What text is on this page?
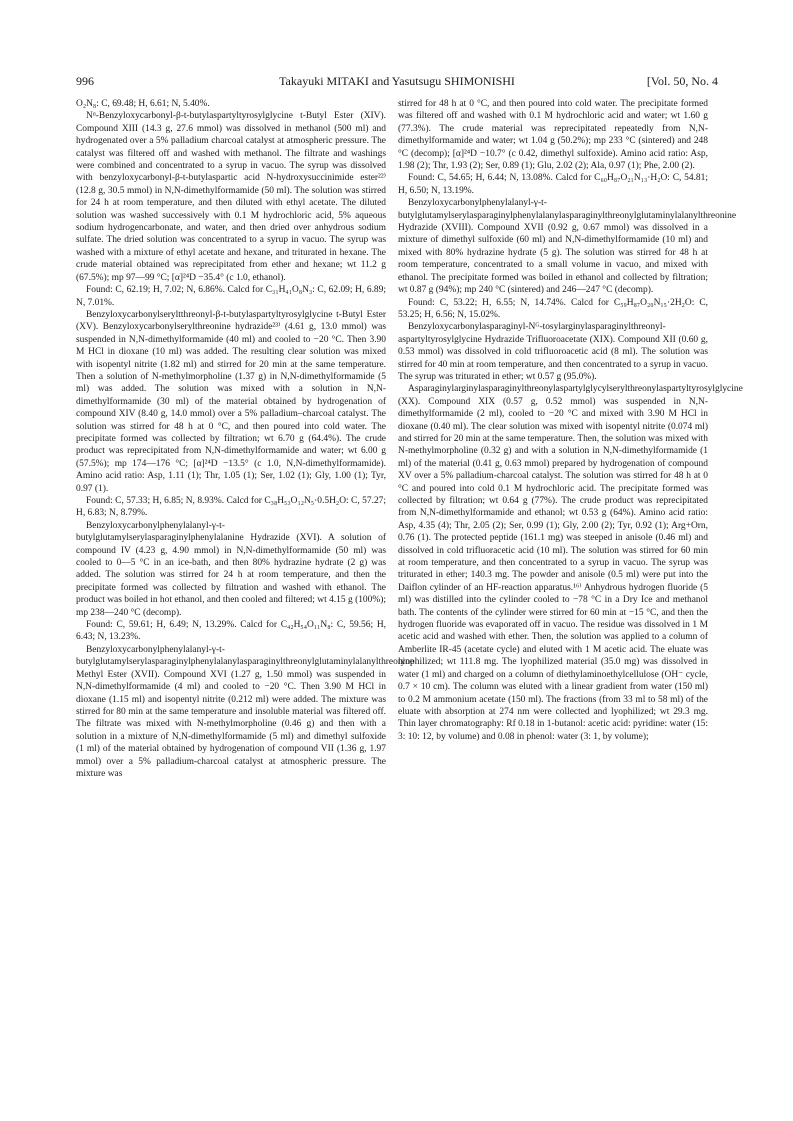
996	Takayuki MITAKI and Yasutsugu SHIMONISHI	[Vol. 50, No. 4

O₂N₈: C, 69.48; H, 6.61; N, 5.40%.

Nᵅ-Benzyloxycarbonyl-β-t-butylaspartyltyrosylglycine t-Butyl Ester (XIV). Compound XIII (14.3 g, 27.6 mmol) was dissolved in methanol (500 ml) and hydrogenated over a 5% palladium charcoal catalyst at atmospheric pressure. The catalyst was filtered off and washed with methanol. The filtrate and washings were combined and concentrated to a syrup in vacuo. The syrup was dissolved with benzyloxycarbonyl-β-t-butylaspartic acid N-hydroxysuccinimide ester²²⁾ (12.8 g, 30.5 mmol) in N,N-dimethylformamide (50 ml). The solution was stirred for 24 h at room temperature, and then diluted with ethyl acetate. The diluted solution was washed successively with 0.1 M hydrochloric acid, 5% aqueous sodium hydrogencarbonate, and water, and then dried over anhydrous sodium sulfate. The dried solution was concentrated to a syrup in vacuo. The syrup was washed with a mixture of ethyl acetate and hexane, and triturated in hexane. The crude material obtained was reprecipitated from ether and hexane; wt 11.2 g (67.5%); mp 97—99 °C; [α]²⁴D −35.4° (c 1.0, ethanol).

Found: C, 62.19; H, 7.02; N, 6.86%. Calcd for C₃₁H₄₁O₈N₃: C, 62.09; H, 6.89; N, 7.01%.

Benzyloxycarbonylseryltthreonyl-β-t-butylaspartyltyrosylglycine t-Butyl Ester (XV). Benzyloxycarbonylserylthreonine hydrazide²³⁾ (4.61 g, 13.0 mmol) was suspended in N,N-dimethylformamide (40 ml) and cooled to −20 °C. Then 3.90 M HCl in dioxane (10 ml) was added. The resulting clear solution was mixed with isopentyl nitrite (1.82 ml) and stirred for 20 min at the same temperature. Then a solution of N-methylmorpholine (1.37 g) in N,N-dimethylformamide (5 ml) was added. The solution was mixed with a solution in N,N-dimethylformamide (30 ml) of the material obtained by hydrogenation of compound XIV (8.40 g, 14.0 mmol) over a 5% palladium–charcoal catalyst. The solution was stirred for 48 h at 0 °C, and then poured into cold water. The precipitate formed was collected by filtration; wt 6.70 g (64.4%). The crude product was reprecipitated from N,N-dimethylformamide and water; wt 6.00 g (57.5%); mp 174—176 °C; [α]²⁴D −13.5° (c 1.0, N,N-dimethylformamide). Amino acid ratio: Asp, 1.11 (1); Thr, 1.05 (1); Ser, 1.02 (1); Gly, 1.00 (1); Tyr, 0.97 (1).

Found: C, 57.33; H, 6.85; N, 8.93%. Calcd for C₃₈H₅₃O₁₂N₅·0.5H₂O: C, 57.27; H, 6.83; N, 8.79%.

Benzyloxycarbonylphenylalanyl-γ-t-butylglutamylserylasparaginylphenylalanine Hydrazide (XVI). A solution of compound IV (4.23 g, 4.90 mmol) in N,N-dimethylformamide (50 ml) was cooled to 0—5 °C in an ice-bath, and then 80% hydrazine hydrate (2 g) was added. The solution was stirred for 24 h at room temperature, and then the precipitate formed was collected by filtration and washed with ethanol. The product was boiled in hot ethanol, and then cooled and filtered; wt 4.15 g (100%); mp 238—240 °C (decomp).

Found: C, 59.61; H, 6.49; N, 13.29%. Calcd for C₄₂H₅₄O₁₁N₈: C, 59.56; H, 6.43; N, 13.23%.

Benzyloxycarbonylphenylalanyl-γ-t-butylglutamylserylasparaginylphenylalanylasparaginylthreonylglutaminylalanylthreonine Methyl Ester (XVII). Compound XVI (1.27 g, 1.50 mmol) was suspended in N,N-dimethylformamide (4 ml) and cooled to −20 °C. Then 3.90 M HCl in dioxane (1.15 ml) and isopentyl nitrite (0.212 ml) were added. The mixture was stirred for 80 min at the same temperature and insoluble material was filtered off. The filtrate was mixed with N-methylmorpholine (0.46 g) and then with a solution in a mixture of N,N-dimethylformamide (5 ml) and dimethyl sulfoxide (1 ml) of the material obtained by hydrogenation of compound VII (1.36 g, 1.97 mmol) over a 5% palladium-charcoal catalyst at atmospheric pressure. The mixture was

stirred for 48 h at 0 °C, and then poured into cold water. The precipitate formed was filtered off and washed with 0.1 M hydrochloric acid and water; wt 1.60 g (77.3%). The crude material was reprecipitated repeatedly from N,N-dimethylformamide and water; wt 1.04 g (50.2%); mp 233 °C (sintered) and 248 °C (decomp); [α]²⁴D −10.7° (c 0.42, dimethyl sulfoxide). Amino acid ratio: Asp, 1.98 (2); Thr, 1.93 (2); Ser, 0.89 (1); Glu, 2.02 (2); Ala, 0.97 (1); Phe, 2.00 (2).

Found: C, 54.65; H, 6.44; N, 13.08%. Calcd for C₆₀H₈₇O₂₁N₁₃·H₂O: C, 54.81; H, 6.50; N, 13.19%.

Benzyloxycarbonylphenylalanyl-γ-t-butylglutamylserylasparaginylphenylalanylasparaginylthreonylglutaminylalanylthreonine Hydrazide (XVIII). Compound XVII (0.92 g, 0.67 mmol) was dissolved in a mixture of dimethyl sulfoxide (60 ml) and N,N-dimethylformamide (10 ml) and mixed with 80% hydrazine hydrate (5 g). The solution was stirred for 48 h at room temperature, concentrated to a small volume in vacuo, and mixed with ethanol. The precipitate formed was boiled in ethanol and collected by filtration; wt 0.87 g (94%); mp 240 °C (sintered) and 246—247 °C (decomp).

Found: C, 53.22; H, 6.55; N, 14.74%. Calcd for C₅₉H₈₇O₂₀N₁₅·2H₂O: C, 53.25; H, 6.56; N, 15.02%.

Benzyloxycarbonylasparaginyl-Nᴳ-tosylarginylasparaginylthreonyl-aspartyltyrosylglycine Hydrazide Trifluoroacetate (XIX). Compound XII (0.60 g, 0.53 mmol) was dissolved in cold trifluoroacetic acid (8 ml). The solution was stirred for 40 min at room temperature, and then concentrated to a syrup in vacuo. The syrup was triturated in ether; wt 0.57 g (95.0%).

Asparaginylarginylasparaginylthreonylaspartylglycylserylthreonylaspartyltyrosylglycine (XX). Compound XIX (0.57 g, 0.52 mmol) was suspended in N,N-dimethylformamide (2 ml), cooled to −20 °C and mixed with 3.90 M HCl in dioxane (0.40 ml). The clear solution was mixed with isopentyl nitrite (0.074 ml) and stirred for 20 min at the same temperature. Then, the solution was mixed with N-methylmorpholine (0.32 g) and with a solution in N,N-dimethylformamide (1 ml) of the material (0.41 g, 0.63 mmol) prepared by hydrogenation of compound XV over a 5% palladium-charcoal catalyst. The solution was stirred for 48 h at 0 °C and poured into cold 0.1 M hydrochloric acid. The precipitate formed was collected by filtration; wt 0.64 g (77%). The crude product was reprecipitated from N,N-dimethylformamide and ethanol; wt 0.53 g (64%). Amino acid ratio: Asp, 4.35 (4); Thr, 2.05 (2); Ser, 0.99 (1); Gly, 2.00 (2); Tyr, 0.92 (1); Arg+Orn, 0.76 (1). The protected peptide (161.1 mg) was steeped in anisole (0.46 ml) and dissolved in cold trifluoracetic acid (10 ml). The solution was stirred for 60 min at room temperature, and then concentrated to a syrup in vacuo. The syrup was triturated in ether; 140.3 mg. The powder and anisole (0.5 ml) were put into the Daiflon cylinder of an HF-reaction apparatus.¹⁶⁾ Anhydrous hydrogen fluoride (5 ml) was distilled into the cylinder cooled to −78 °C in a Dry Ice and methanol bath. The contents of the cylinder were stirred for 60 min at −15 °C, and then the hydrogen fluoride was evaporated off in vacuo. The residue was dissolved in 1 M acetic acid and washed with ether. Then, the solution was applied to a column of Amberlite IR-45 (acetate cycle) and eluted with 1 M acetic acid. The eluate was lyophilized; wt 111.8 mg. The lyophilized material (35.0 mg) was dissolved in water (1 ml) and charged on a column of diethylaminoethylcellulose (OH⁻ cycle, 0.7 × 10 cm). The column was eluted with a linear gradient from water (150 ml) to 0.2 M ammonium acetate (150 ml). The fractions (from 33 ml to 58 ml) of the eluate with absorption at 274 nm were collected and lyophilized; wt 29.3 mg. Thin layer chromatography: Rf 0.18 in 1-butanol: acetic acid: pyridine: water (15: 3: 10: 12, by volume) and 0.08 in phenol: water (3: 1, by volume);
